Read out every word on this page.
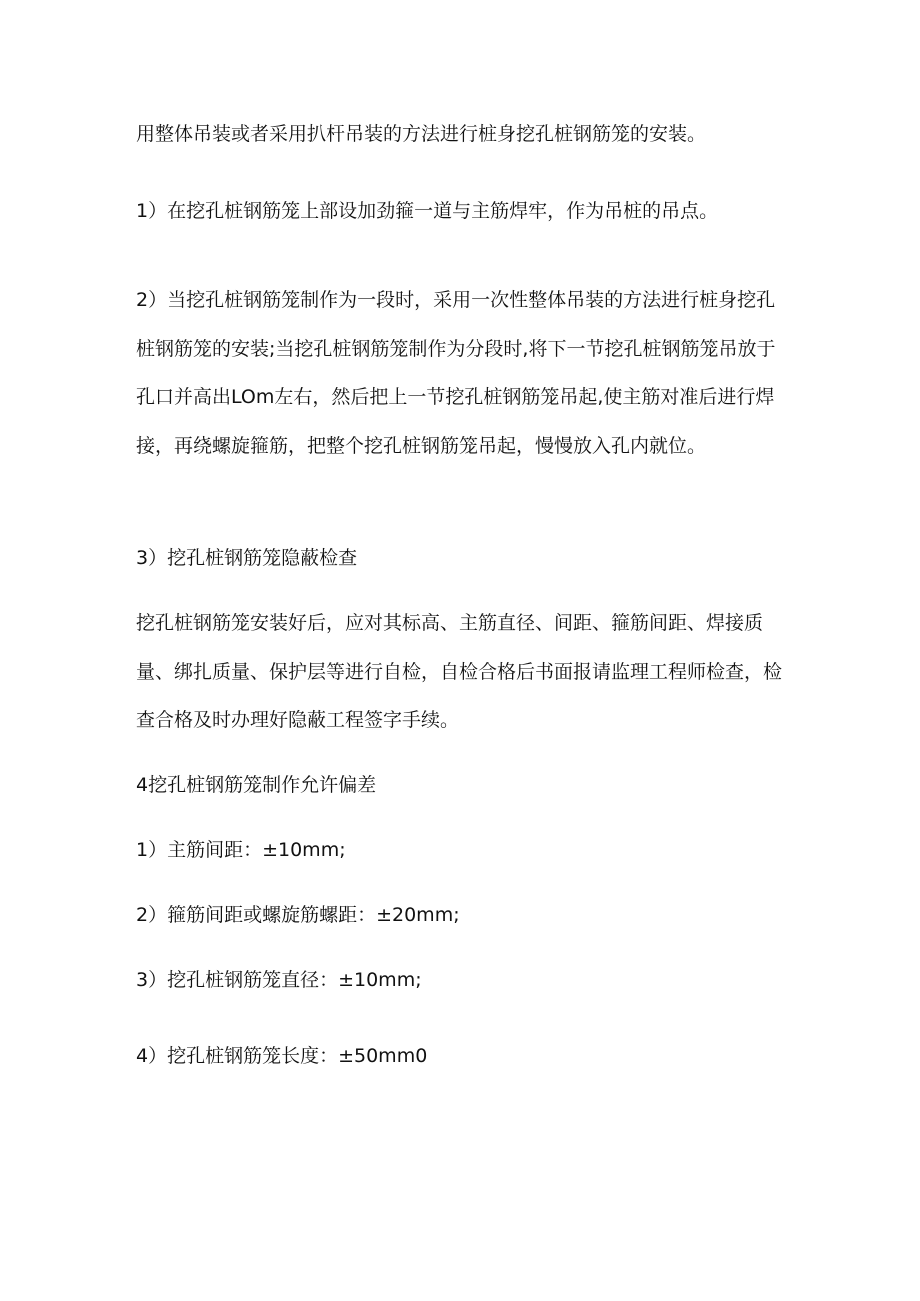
用整体吊装或者采用扒杆吊装的方法进行桩身挖孔桩钢筋笼的安装。

1）在挖孔桩钢筋笼上部设加劲箍一道与主筋焊牢，作为吊桩的吊点。

2）当挖孔桩钢筋笼制作为一段时，采用一次性整体吊装的方法进行桩身挖孔桩钢筋笼的安装;当挖孔桩钢筋笼制作为分段时,将下一节挖孔桩钢筋笼吊放于孔口并高出LOm左右，然后把上一节挖孔桩钢筋笼吊起,使主筋对准后进行焊接，再绕螺旋箍筋，把整个挖孔桩钢筋笼吊起，慢慢放入孔内就位。

3）挖孔桩钢筋笼隐蔽检查

挖孔桩钢筋笼安装好后，应对其标高、主筋直径、间距、箍筋间距、焊接质量、绑扎质量、保护层等进行自检，自检合格后书面报请监理工程师检查，检查合格及时办理好隐蔽工程签字手续。

4挖孔桩钢筋笼制作允许偏差

1）主筋间距：±10mm;

2）箍筋间距或螺旋筋螺距：±20mm;

3）挖孔桩钢筋笼直径：±10mm;

4）挖孔桩钢筋笼长度：±50mm0
